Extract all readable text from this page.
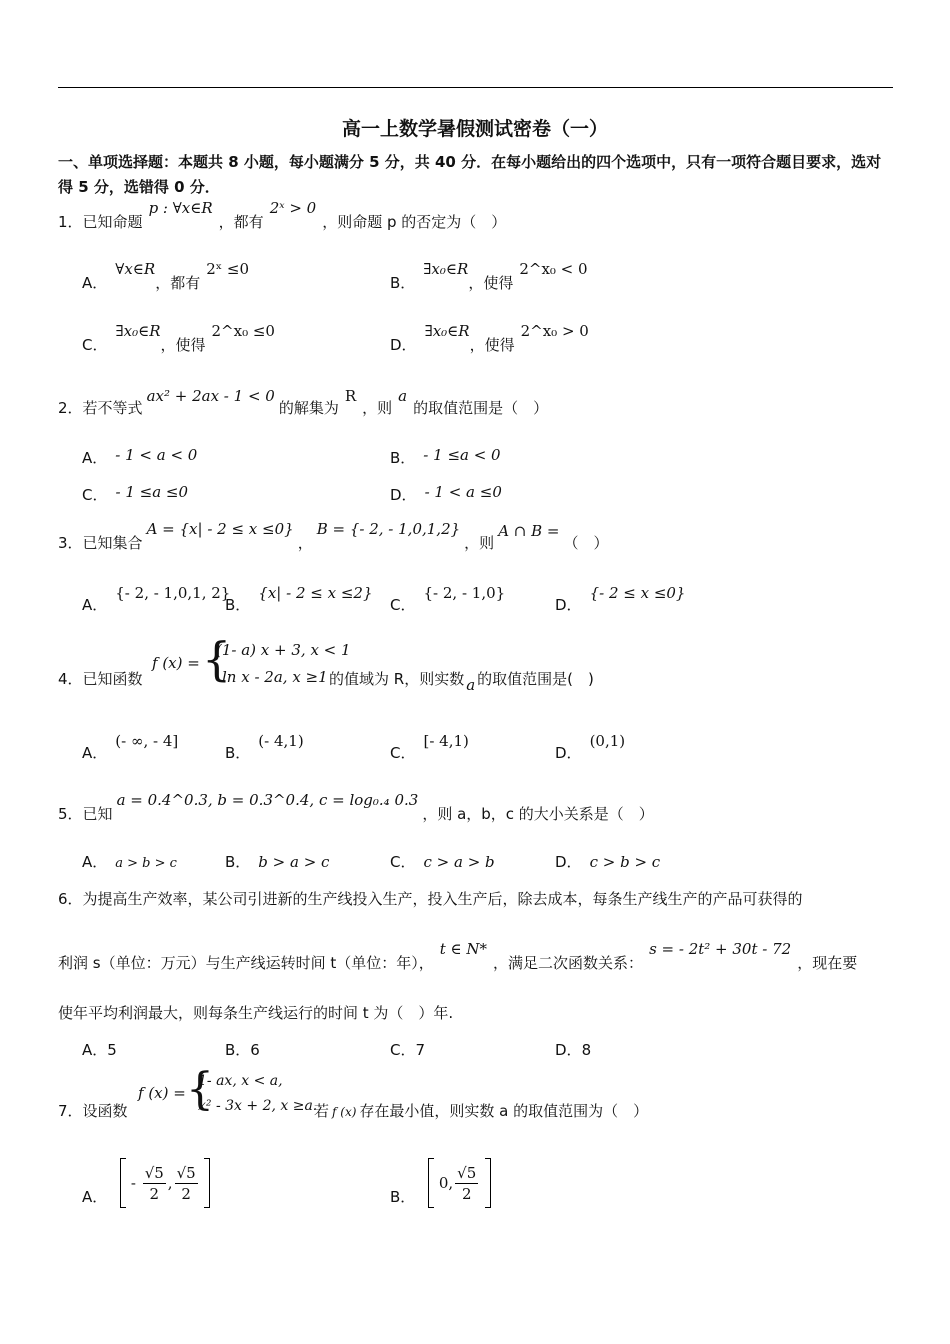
高一上数学暑假测试密卷（一）
一、单项选择题：本题共 8 小题，每小题满分 5 分，共 40 分．在每小题给出的四个选项中，只有一项符合题目要求，选对得 5 分，选错得 0 分．
1．已知命题p : ∀x∈R，都有2ˣ > 0，则命题 p 的否定为（　）
A．∀x∈R，都有2ˣ ≤0
B．∃x₀∈R，使得2^x₀ < 0
C．∃x₀∈R，使得2^x₀ ≤0
D．∃x₀∈R，使得2^x₀ > 0
2．若不等式ax² + 2ax - 1 < 0的解集为R，则a的取值范围是（　）
A． - 1 < a < 0	B． - 1 ≤a < 0
C． - 1 ≤a ≤0	D． - 1 < a ≤0
3．已知集合A = {x| - 2 ≤ x ≤0}，B = {- 2, - 1,0,1,2}，则A ∩ B =（　）
A．{- 2, - 1,0,1, 2}
B．{x| - 2 ≤ x ≤2}
C．{- 2, - 1,0}
D．{- 2 ≤ x ≤0}
4．已知函数
f (x) = {
(1- a) x + 3, x < 1
ln x - 2a, x ≥1 的值域为 R，则实数 a 的取值范围是(　)
A．(- ∞, - 4]
B．(- 4,1)
C．[- 4,1)
D．(0,1)
5．已知a = 0.4^0.3, b = 0.3^0.4, c = log₀.₄ 0.3，则 a，b，c 的大小关系是（　）
A． a > b > c	B． b > a > c	C． c > a > b	D． c > b > c
6．为提高生产效率，某公司引进新的生产线投入生产，投入生产后，除去成本，每条生产线生产的产品可获得的
利润 s（单位：万元）与生产线运转时间 t（单位：年），t ∈ N*，满足二次函数关系：s = - 2t² + 30t - 72，现在要
使年平均利润最大，则每条生产线运行的时间 t 为（　）年.
A．5	B．6	C．7	D．8
7．设函数
f (x) = {
1- ax, x < a,
x² - 3x + 2, x ≥a.
若 f (x) 存在最小值，则实数 a 的取值范围为（　）
A．  - $\frac{√5}{2}$ , $\frac{√5}{2}$
	B．  0, $\frac{√5}{2}$
